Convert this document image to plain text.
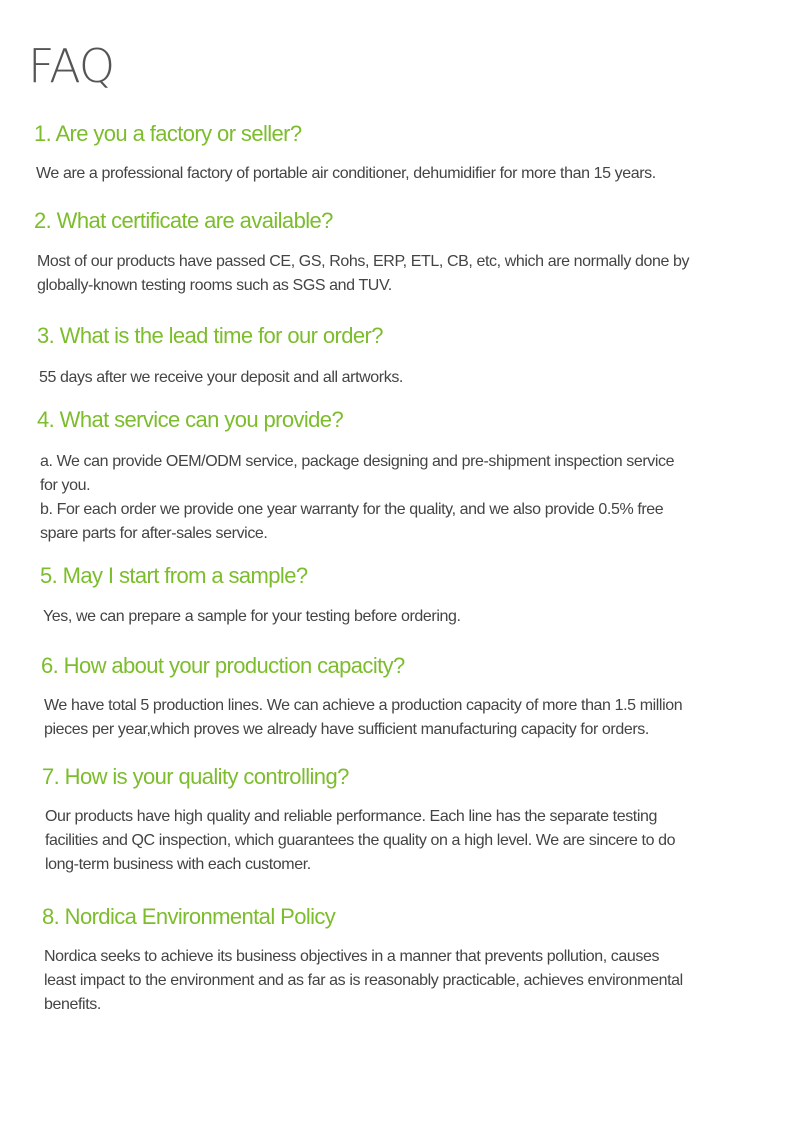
FAQ
1. Are you a factory or seller?

We are a professional factory of portable air conditioner, dehumidifier for more than 15 years.

2. What certificate are available?

Most of our products have passed CE, GS, Rohs, ERP, ETL, CB, etc, which are normally done by
globally-known testing rooms such as SGS and TUV.

3. What is the lead time for our order?

55 days after we receive your deposit and all artworks.

4. What service can you provide?

a. We can provide OEM/ODM service, package designing and pre-shipment inspection service
for you.
b. For each order we provide one year warranty for the quality, and we also provide 0.5% free
spare parts for after-sales service.

5. May I start from a sample?

Yes, we can prepare a sample for your testing before ordering.

6. How about your production capacity?

We have total 5 production lines. We can achieve a production capacity of more than 1.5 million
pieces per year,which proves we already have sufficient manufacturing capacity for orders.

7. How is your quality controlling?

Our products have high quality and reliable performance. Each line has the separate testing
facilities and QC inspection, which guarantees the quality on a high level. We are sincere to do
long-term business with each customer.

8. Nordica Environmental Policy

Nordica seeks to achieve its business objectives in a manner that prevents pollution, causes
least impact to the environment and as far as is reasonably practicable, achieves environmental
benefits.
